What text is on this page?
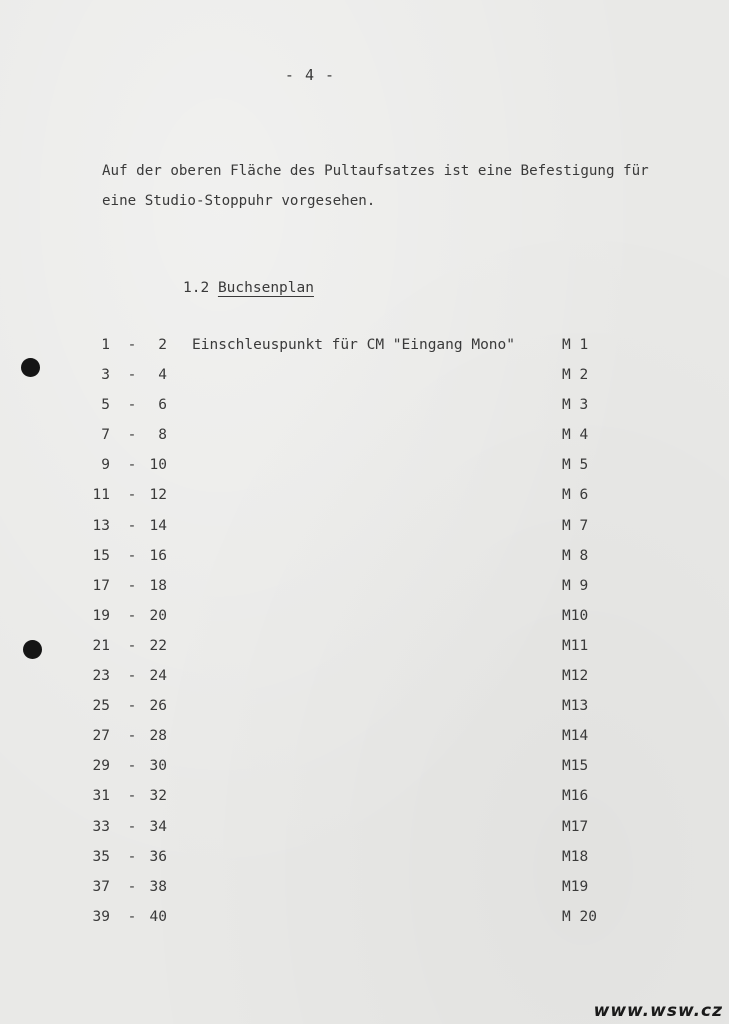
- 4 -
Auf der oberen Fläche des Pultaufsatzes ist eine Befestigung für
eine Studio-Stoppuhr vorgesehen.
1.2 Buchsenplan
1 -	2 Einschleuspunkt für CM "Eingang Mono"	M 1
3 -	4	M 2
5 -	6	M 3
7 -	8	M 4
9 - 10	M 5
11 - 12	M 6
13 - 14	M 7
15 - 16	M 8
17 - 18	M 9
19 - 20	M10
21 - 22	M11
23 - 24	M12
25 - 26	M13
27 - 28	M14
29 - 30	M15
31 - 32	M16
33 - 34	M17
35 - 36	M18
37 - 38	M19
39 - 40	M 20
www.wsw.cz
